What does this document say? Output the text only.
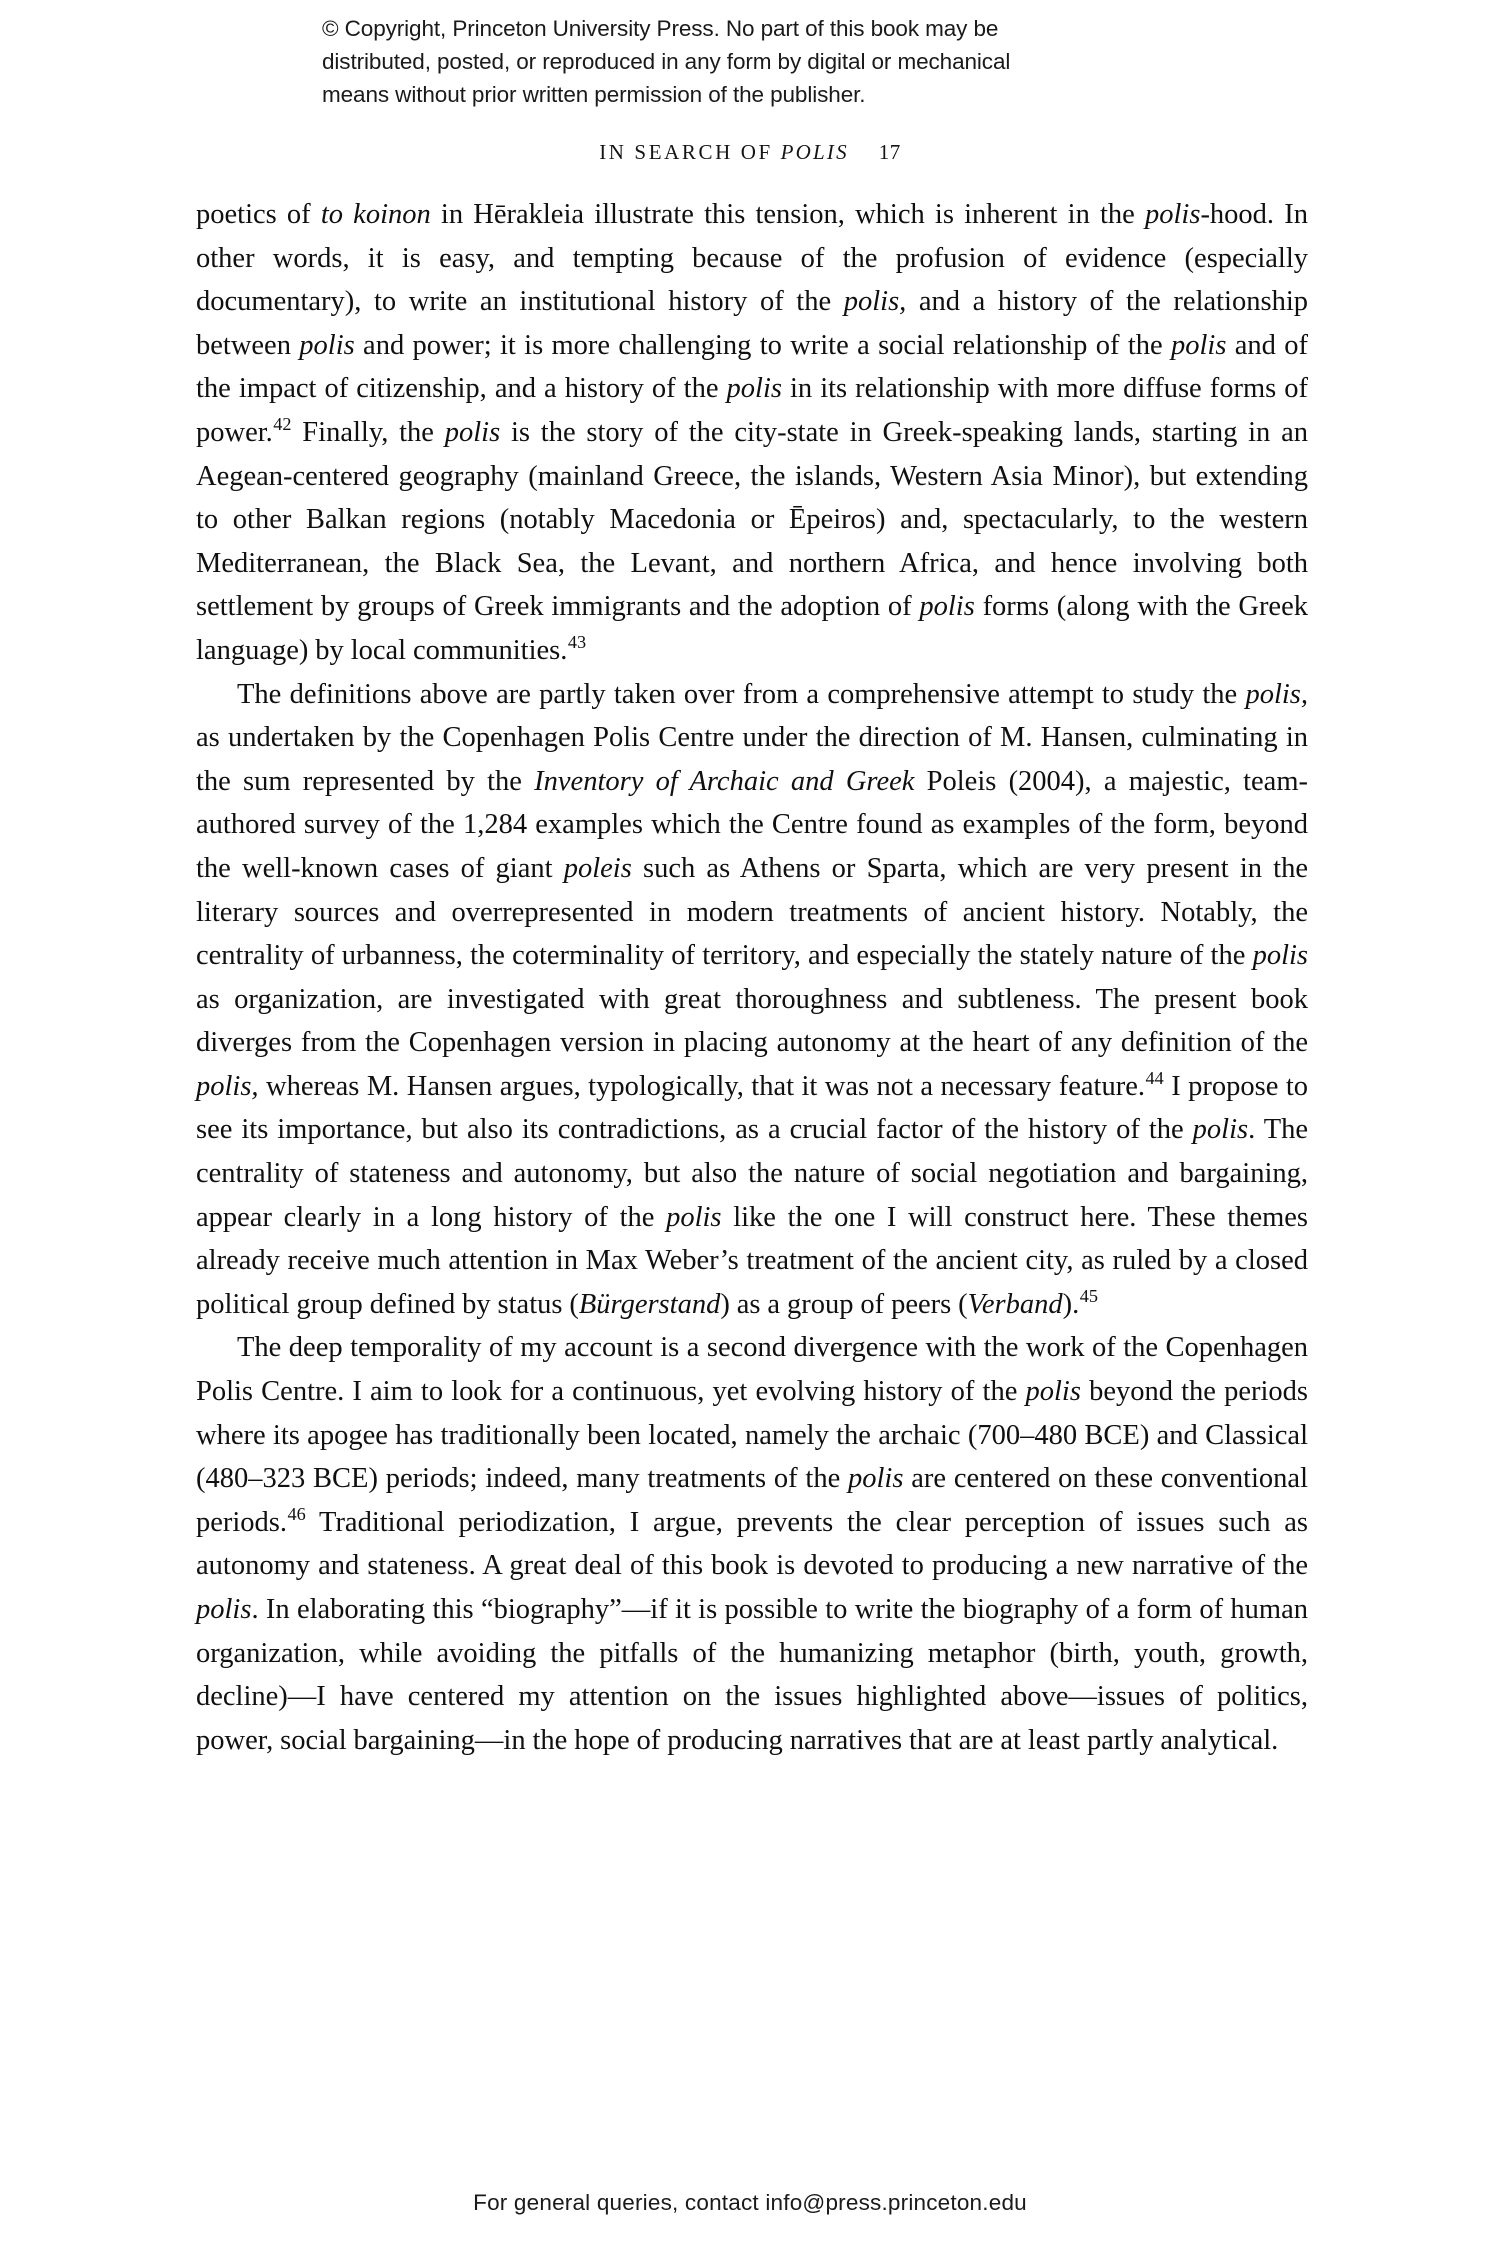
© Copyright, Princeton University Press. No part of this book may be
distributed, posted, or reproduced in any form by digital or mechanical
means without prior written permission of the publisher.
IN SEARCH OF POLIS 17

poetics of to koinon in Hērakleia illustrate this tension, which is inherent in the polis-hood. In other words, it is easy, and tempting because of the profusion of evidence (especially documentary), to write an institutional history of the polis, and a history of the relationship between polis and power; it is more challenging to write a social relationship of the polis and of the impact of citizenship, and a history of the polis in its relationship with more diffuse forms of power.$^{42}$ Finally, the polis is the story of the city-state in Greek-speaking lands, starting in an Aegean-centered geography (mainland Greece, the islands, Western Asia Minor), but extending to other Balkan regions (notably Macedonia or Ēpeiros) and, spectacularly, to the western Mediterranean, the Black Sea, the Levant, and northern Africa, and hence involving both settlement by groups of Greek immigrants and the adoption of polis forms (along with the Greek language) by local communities.$^{43}$

The definitions above are partly taken over from a comprehensive attempt to study the polis, as undertaken by the Copenhagen Polis Centre under the direction of M. Hansen, culminating in the sum represented by the Inventory of Archaic and Greek Poleis (2004), a majestic, team-authored survey of the 1,284 examples which the Centre found as examples of the form, beyond the well-known cases of giant poleis such as Athens or Sparta, which are very present in the literary sources and overrepresented in modern treatments of ancient history. Notably, the centrality of urbanness, the coterminality of territory, and especially the stately nature of the polis as organization, are investigated with great thoroughness and subtleness. The present book diverges from the Copenhagen version in placing autonomy at the heart of any definition of the polis, whereas M. Hansen argues, typologically, that it was not a necessary feature.$^{44}$ I propose to see its importance, but also its contradictions, as a crucial factor of the history of the polis. The centrality of stateness and autonomy, but also the nature of social negotiation and bargaining, appear clearly in a long history of the polis like the one I will construct here. These themes already receive much attention in Max Weber’s treatment of the ancient city, as ruled by a closed political group defined by status (Bürgerstand) as a group of peers (Verband).$^{45}$

The deep temporality of my account is a second divergence with the work of the Copenhagen Polis Centre. I aim to look for a continuous, yet evolving history of the polis beyond the periods where its apogee has traditionally been located, namely the archaic (700–480 BCE) and Classical (480–323 BCE) periods; indeed, many treatments of the polis are centered on these conventional periods.$^{46}$ Traditional periodization, I argue, prevents the clear perception of issues such as autonomy and stateness. A great deal of this book is devoted to producing a new narrative of the polis. In elaborating this “biography”—if it is possible to write the biography of a form of human organization, while avoiding the pitfalls of the humanizing metaphor (birth, youth, growth, decline)—I have centered my attention on the issues highlighted above—issues of politics, power, social bargaining—in the hope of producing narratives that are at least partly analytical.

For general queries, contact info@press.princeton.edu
